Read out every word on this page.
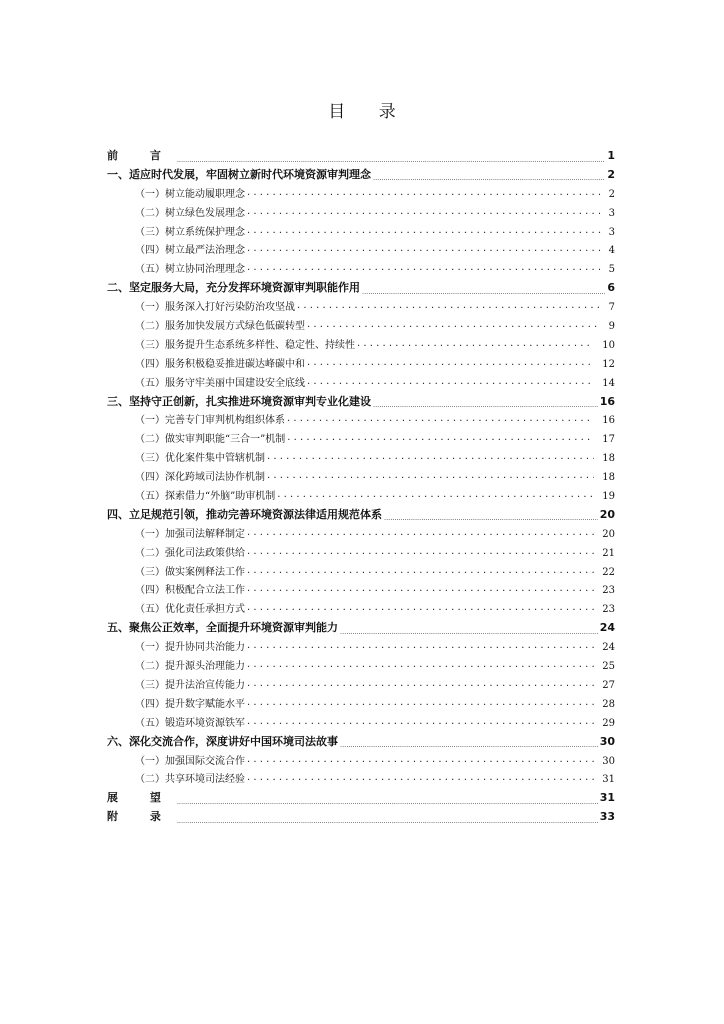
目 录
前 言 .....	1
一、适应时代发展，牢固树立新时代环境资源审判理念 .....	2
（一）树立能动履职理念 .....	2
（二）树立绿色发展理念 .....	3
（三）树立系统保护理念 .....	3
（四）树立最严法治理念 .....	4
（五）树立协同治理理念 .....	5
二、坚定服务大局，充分发挥环境资源审判职能作用 .....	6
（一）服务深入打好污染防治攻坚战 .....	7
（二）服务加快发展方式绿色低碳转型 .....	9
（三）服务提升生态系统多样性、稳定性、持续性 .....	10
（四）服务积极稳妥推进碳达峰碳中和 .....	12
（五）服务守牢美丽中国建设安全底线 .....	14
三、坚持守正创新，扎实推进环境资源审判专业化建设 .....	16
（一）完善专门审判机构组织体系 .....	16
（二）做实审判职能“三合一”机制 .....	17
（三）优化案件集中管辖机制 .....	18
（四）深化跨域司法协作机制 .....	18
（五）探索借力“外脑”助审机制 .....	19
四、立足规范引领，推动完善环境资源法律适用规范体系 .....	20
（一）加强司法解释制定 .....	20
（二）强化司法政策供给 .....	21
（三）做实案例释法工作 .....	22
（四）积极配合立法工作 .....	23
（五）优化责任承担方式 .....	23
五、聚焦公正效率，全面提升环境资源审判能力 .....	24
（一）提升协同共治能力 .....	24
（二）提升源头治理能力 .....	25
（三）提升法治宣传能力 .....	27
（四）提升数字赋能水平 .....	28
（五）锻造环境资源铁军 .....	29
六、深化交流合作，深度讲好中国环境司法故事 .....	30
（一）加强国际交流合作 .....	30
（二）共享环境司法经验 .....	31
展 望 .....	31
附 录 .....	33
